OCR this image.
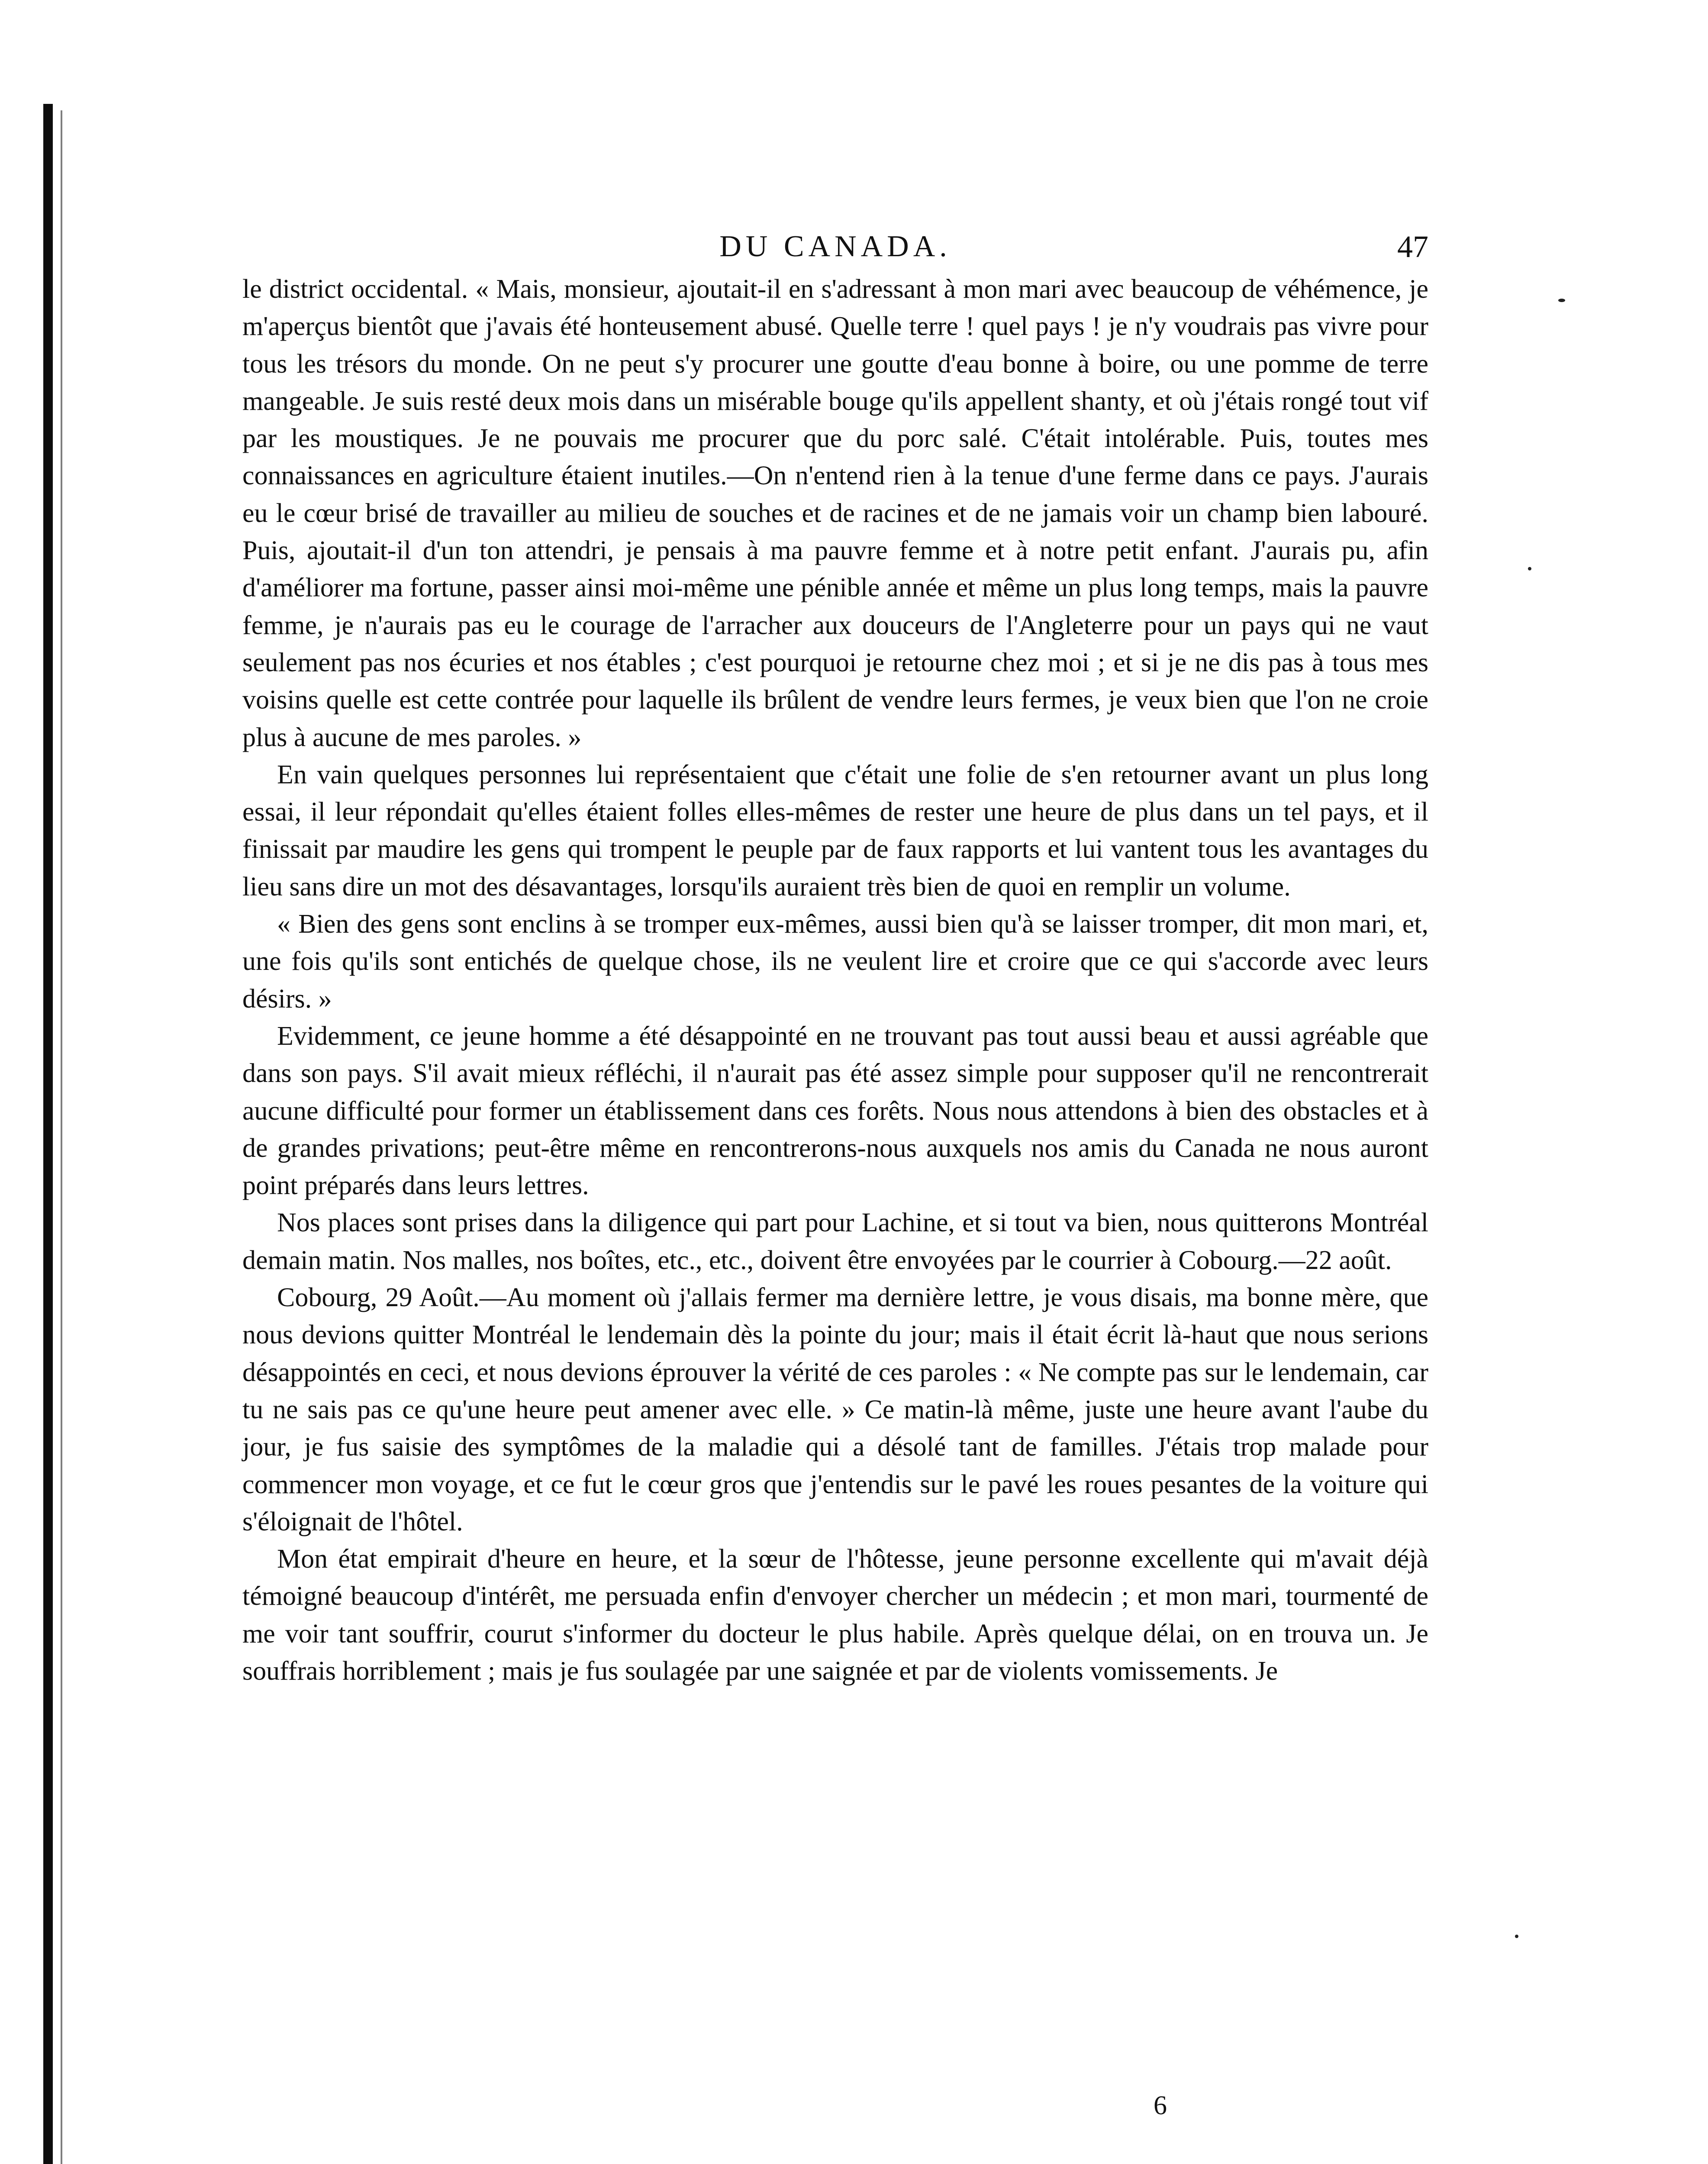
DU CANADA.	47

le district occidental. « Mais, monsieur, ajoutait-il en s'adressant à mon mari avec beaucoup de véhémence, je m'aperçus bientôt que j'avais été honteusement abusé. Quelle terre ! quel pays ! je n'y voudrais pas vivre pour tous les trésors du monde. On ne peut s'y procurer une goutte d'eau bonne à boire, ou une pomme de terre mangeable. Je suis resté deux mois dans un misérable bouge qu'ils appellent shanty, et où j'étais rongé tout vif par les moustiques. Je ne pouvais me procurer que du porc salé. C'était intolérable. Puis, toutes mes connaissances en agriculture étaient inutiles.—On n'entend rien à la tenue d'une ferme dans ce pays. J'aurais eu le cœur brisé de travailler au milieu de souches et de racines et de ne jamais voir un champ bien labouré. Puis, ajoutait-il d'un ton attendri, je pensais à ma pauvre femme et à notre petit enfant. J'aurais pu, afin d'améliorer ma fortune, passer ainsi moi-même une pénible année et même un plus long temps, mais la pauvre femme, je n'aurais pas eu le courage de l'arracher aux douceurs de l'Angleterre pour un pays qui ne vaut seulement pas nos écuries et nos étables ; c'est pourquoi je retourne chez moi ; et si je ne dis pas à tous mes voisins quelle est cette contrée pour laquelle ils brûlent de vendre leurs fermes, je veux bien que l'on ne croie plus à aucune de mes paroles. »

En vain quelques personnes lui représentaient que c'était une folie de s'en retourner avant un plus long essai, il leur répondait qu'elles étaient folles elles-mêmes de rester une heure de plus dans un tel pays, et il finissait par maudire les gens qui trompent le peuple par de faux rapports et lui vantent tous les avantages du lieu sans dire un mot des désavantages, lorsqu'ils auraient très bien de quoi en remplir un volume.

« Bien des gens sont enclins à se tromper eux-mêmes, aussi bien qu'à se laisser tromper, dit mon mari, et, une fois qu'ils sont entichés de quelque chose, ils ne veulent lire et croire que ce qui s'accorde avec leurs désirs. »

Evidemment, ce jeune homme a été désappointé en ne trouvant pas tout aussi beau et aussi agréable que dans son pays. S'il avait mieux réfléchi, il n'aurait pas été assez simple pour supposer qu'il ne rencontrerait aucune difficulté pour former un établissement dans ces forêts. Nous nous attendons à bien des obstacles et à de grandes privations; peut-être même en rencontrerons-nous auxquels nos amis du Canada ne nous auront point préparés dans leurs lettres.

Nos places sont prises dans la diligence qui part pour Lachine, et si tout va bien, nous quitterons Montréal demain matin. Nos malles, nos boîtes, etc., etc., doivent être envoyées par le courrier à Cobourg.—22 août.

Cobourg, 29 Août.—Au moment où j'allais fermer ma dernière lettre, je vous disais, ma bonne mère, que nous devions quitter Montréal le lendemain dès la pointe du jour; mais il était écrit là-haut que nous serions désappointés en ceci, et nous devions éprouver la vérité de ces paroles : « Ne compte pas sur le lendemain, car tu ne sais pas ce qu'une heure peut amener avec elle. » Ce matin-là même, juste une heure avant l'aube du jour, je fus saisie des symptômes de la maladie qui a désolé tant de familles. J'étais trop malade pour commencer mon voyage, et ce fut le cœur gros que j'entendis sur le pavé les roues pesantes de la voiture qui s'éloignait de l'hôtel.

Mon état empirait d'heure en heure, et la sœur de l'hôtesse, jeune personne excellente qui m'avait déjà témoigné beaucoup d'intérêt, me persuada enfin d'envoyer chercher un médecin ; et mon mari, tourmenté de me voir tant souffrir, courut s'informer du docteur le plus habile. Après quelque délai, on en trouva un. Je souffrais horriblement ; mais je fus soulagée par une saignée et par de violents vomissements. Je

6
